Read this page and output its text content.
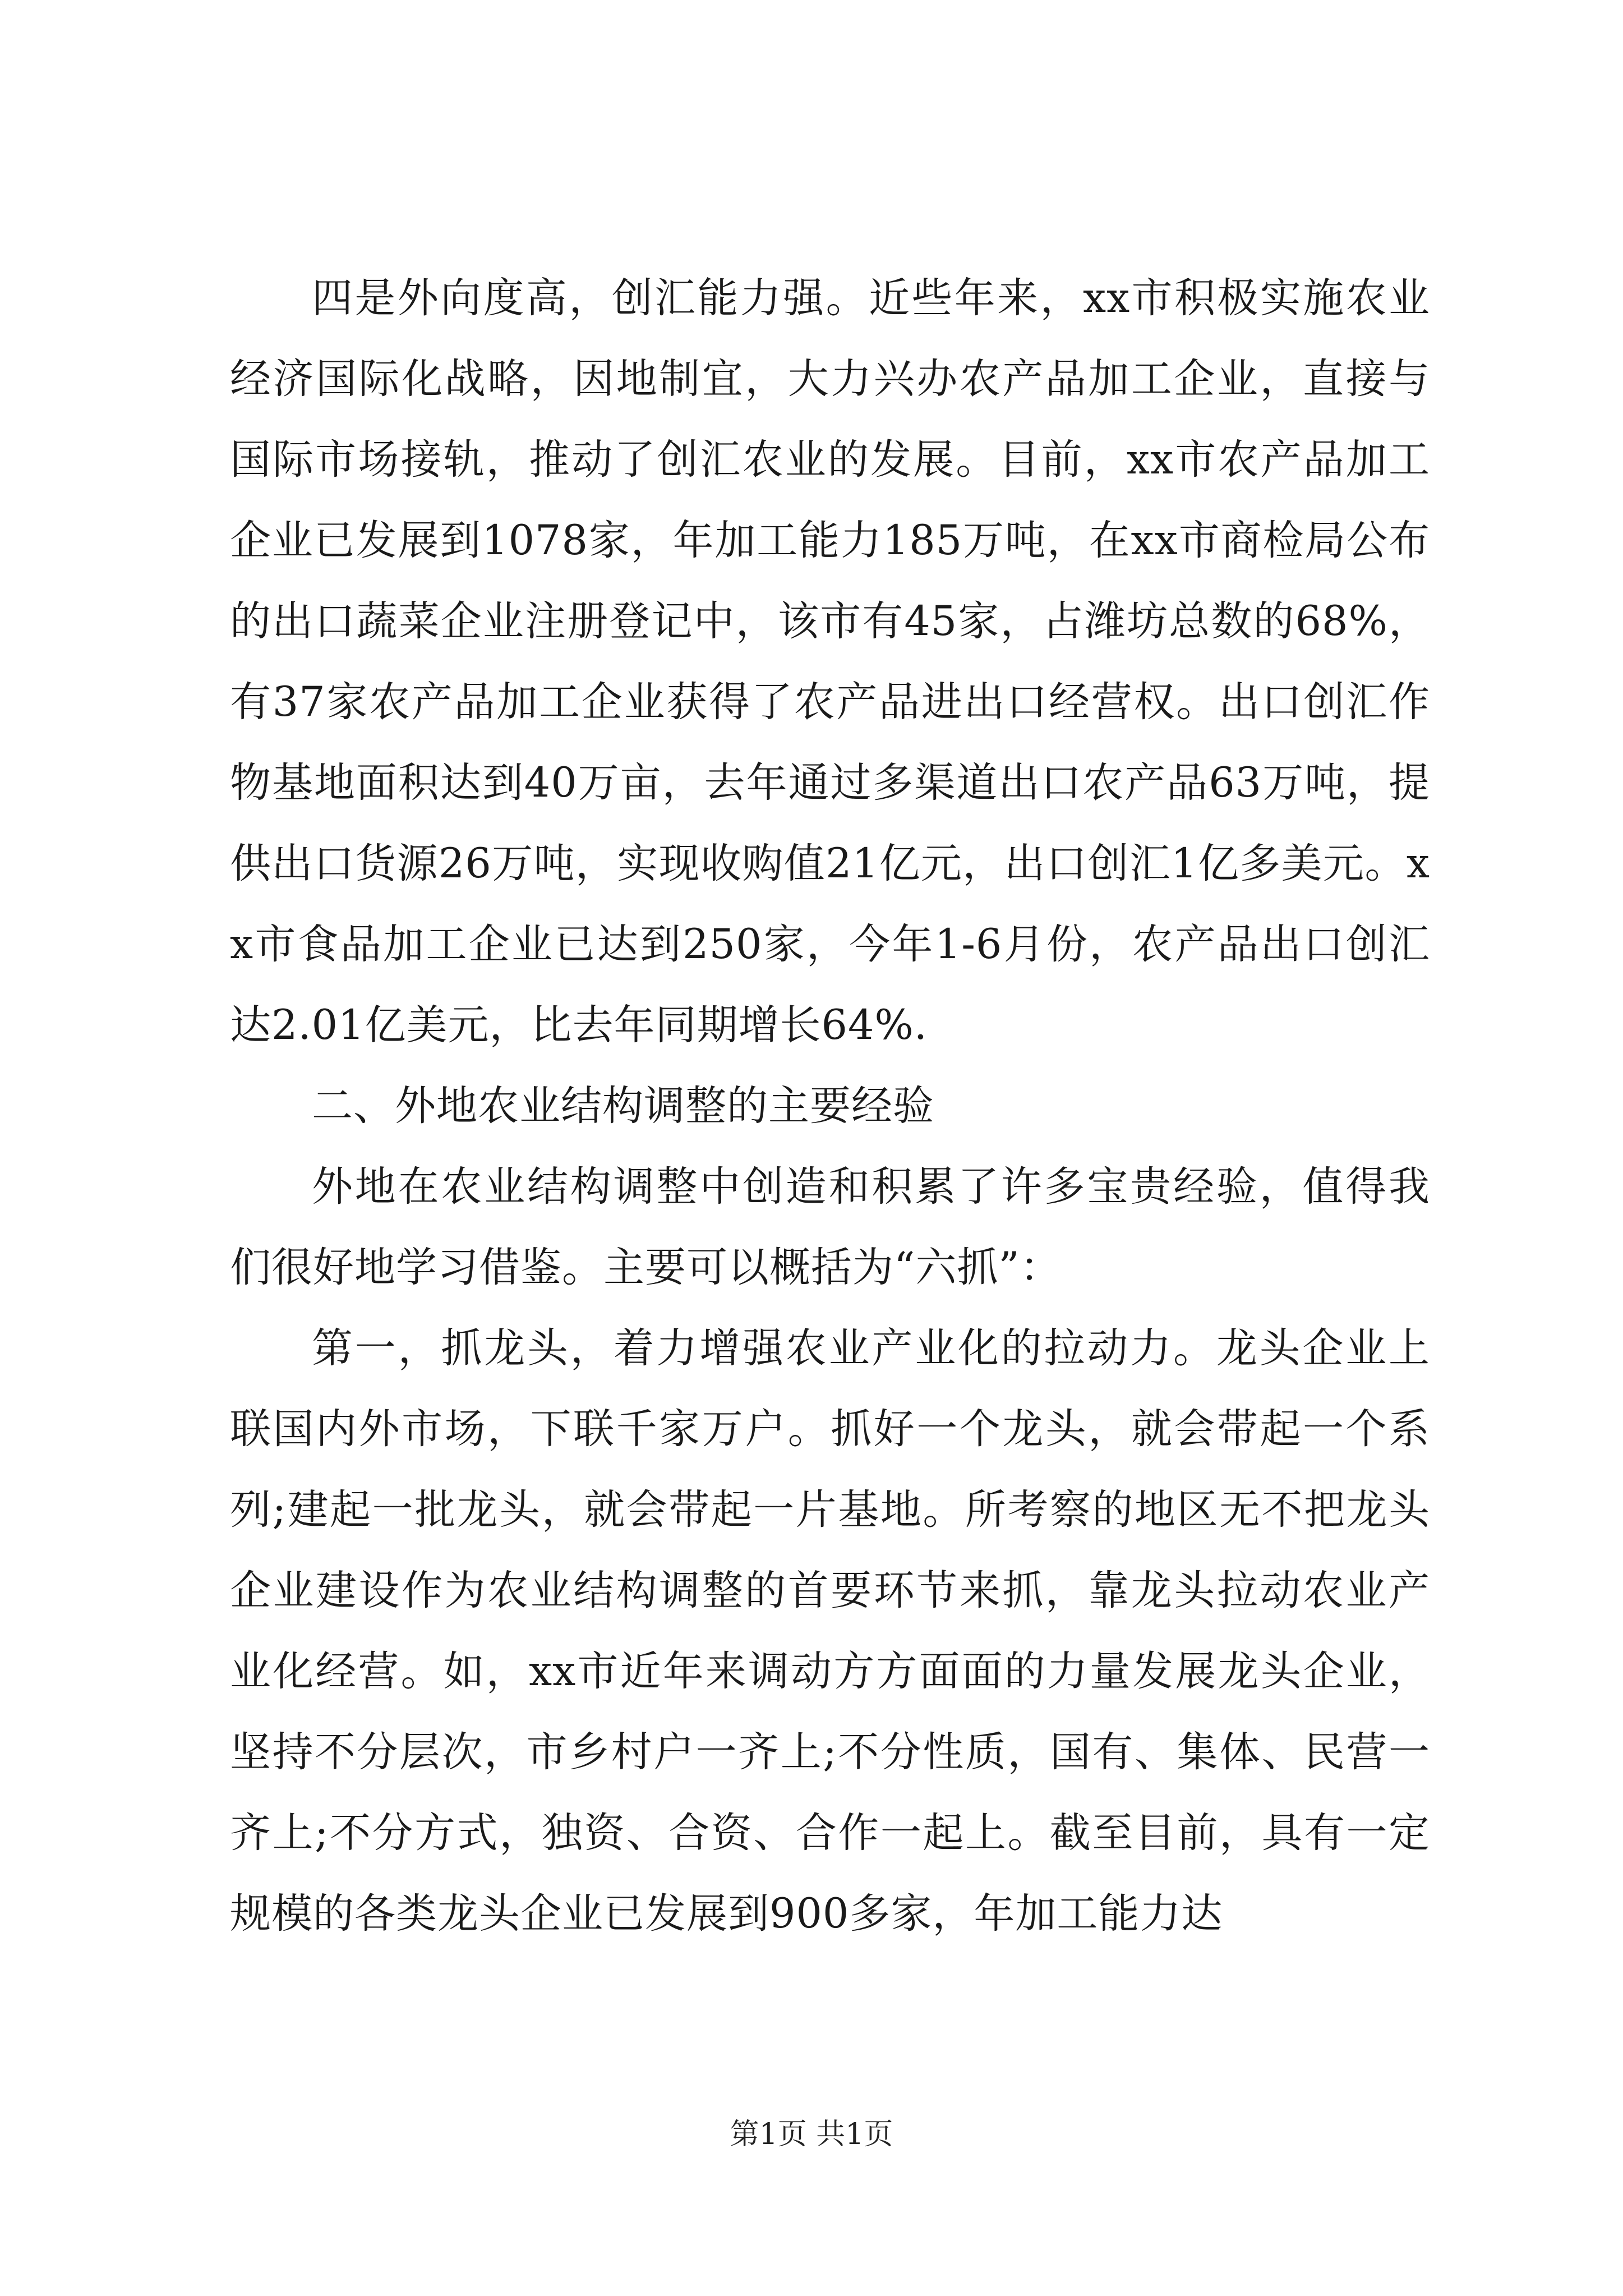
四是外向度高，创汇能力强。近些年来，xx市积极实施农业经济国际化战略，因地制宜，大力兴办农产品加工企业，直接与国际市场接轨，推动了创汇农业的发展。目前，xx市农产品加工企业已发展到1078家，年加工能力185万吨，在xx市商检局公布的出口蔬菜企业注册登记中，该市有45家，占潍坊总数的68%，有37家农产品加工企业获得了农产品进出口经营权。出口创汇作物基地面积达到40万亩，去年通过多渠道出口农产品63万吨，提供出口货源26万吨，实现收购值21亿元，出口创汇1亿多美元。xx市食品加工企业已达到250家，今年1-6月份，农产品出口创汇达2.01亿美元，比去年同期增长64%.

二、外地农业结构调整的主要经验

外地在农业结构调整中创造和积累了许多宝贵经验，值得我们很好地学习借鉴。主要可以概括为“六抓”：

第一，抓龙头，着力增强农业产业化的拉动力。龙头企业上联国内外市场，下联千家万户。抓好一个龙头，就会带起一个系列;建起一批龙头，就会带起一片基地。所考察的地区无不把龙头企业建设作为农业结构调整的首要环节来抓，靠龙头拉动农业产业化经营。如，xx市近年来调动方方面面的力量发展龙头企业，坚持不分层次，市乡村户一齐上;不分性质，国有、集体、民营一齐上;不分方式，独资、合资、合作一起上。截至目前，具有一定规模的各类龙头企业已发展到900多家，年加工能力达

第1页 共1页
